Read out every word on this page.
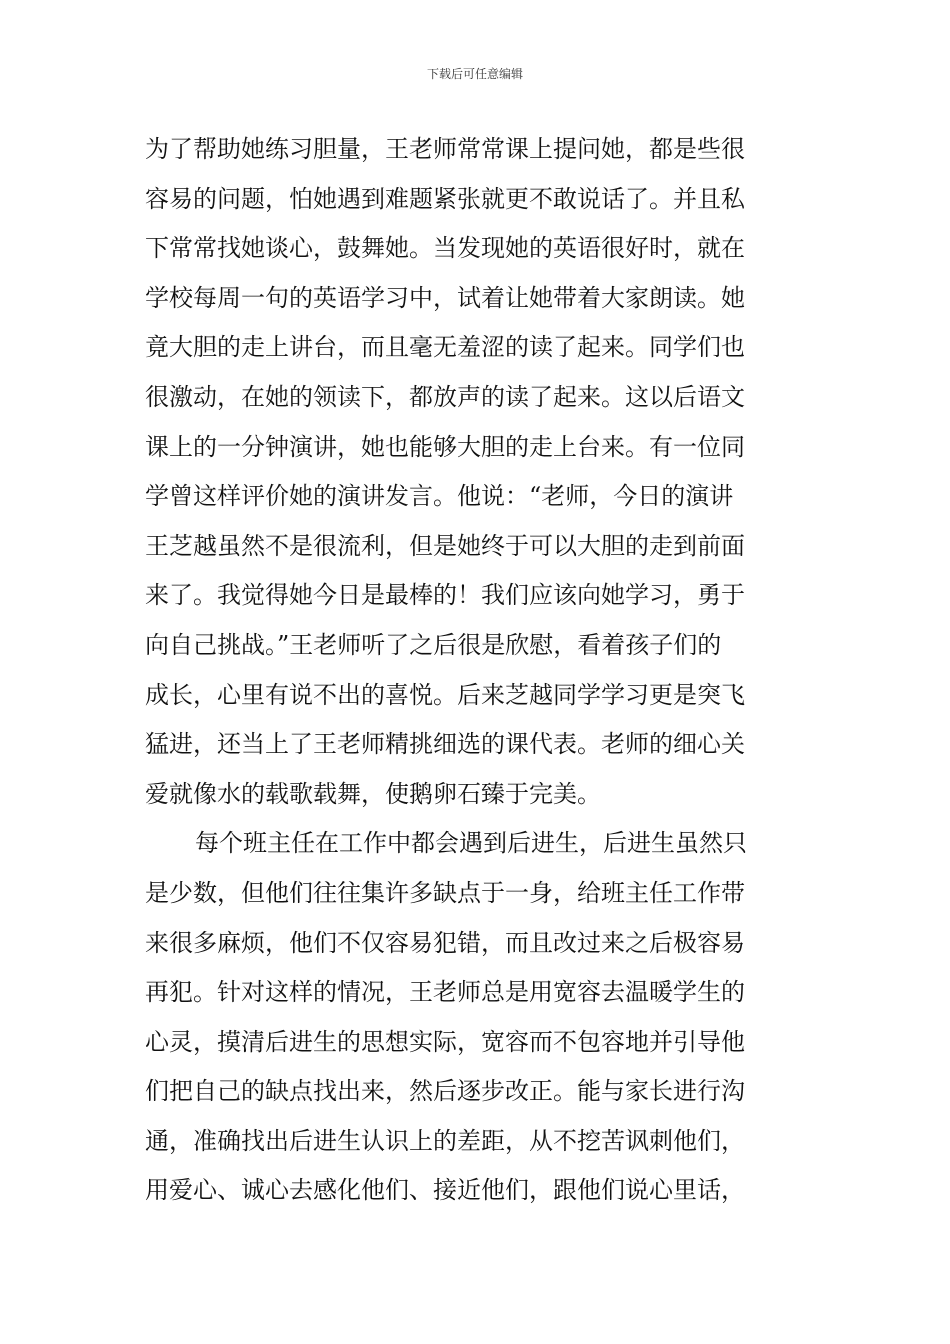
下载后可任意编辑
为了帮助她练习胆量，王老师常常课上提问她，都是些很
容易的问题，怕她遇到难题紧张就更不敢说话了。并且私
下常常找她谈心，鼓舞她。当发现她的英语很好时，就在
学校每周一句的英语学习中，试着让她带着大家朗读。她
竟大胆的走上讲台，而且毫无羞涩的读了起来。同学们也
很激动，在她的领读下，都放声的读了起来。这以后语文
课上的一分钟演讲，她也能够大胆的走上台来。有一位同
学曾这样评价她的演讲发言。他说：“老师，今日的演讲
王芝越虽然不是很流利，但是她终于可以大胆的走到前面
来了。我觉得她今日是最棒的！我们应该向她学习，勇于
向自己挑战。”王老师听了之后很是欣慰，看着孩子们的
成长，心里有说不出的喜悦。后来芝越同学学习更是突飞
猛进，还当上了王老师精挑细选的课代表。老师的细心关
爱就像水的载歌载舞，使鹅卵石臻于完美。
每个班主任在工作中都会遇到后进生，后进生虽然只
是少数，但他们往往集许多缺点于一身，给班主任工作带
来很多麻烦，他们不仅容易犯错，而且改过来之后极容易
再犯。针对这样的情况，王老师总是用宽容去温暖学生的
心灵，摸清后进生的思想实际，宽容而不包容地并引导他
们把自己的缺点找出来，然后逐步改正。能与家长进行沟
通，准确找出后进生认识上的差距，从不挖苦讽刺他们，
用爱心、诚心去感化他们、接近他们，跟他们说心里话，
